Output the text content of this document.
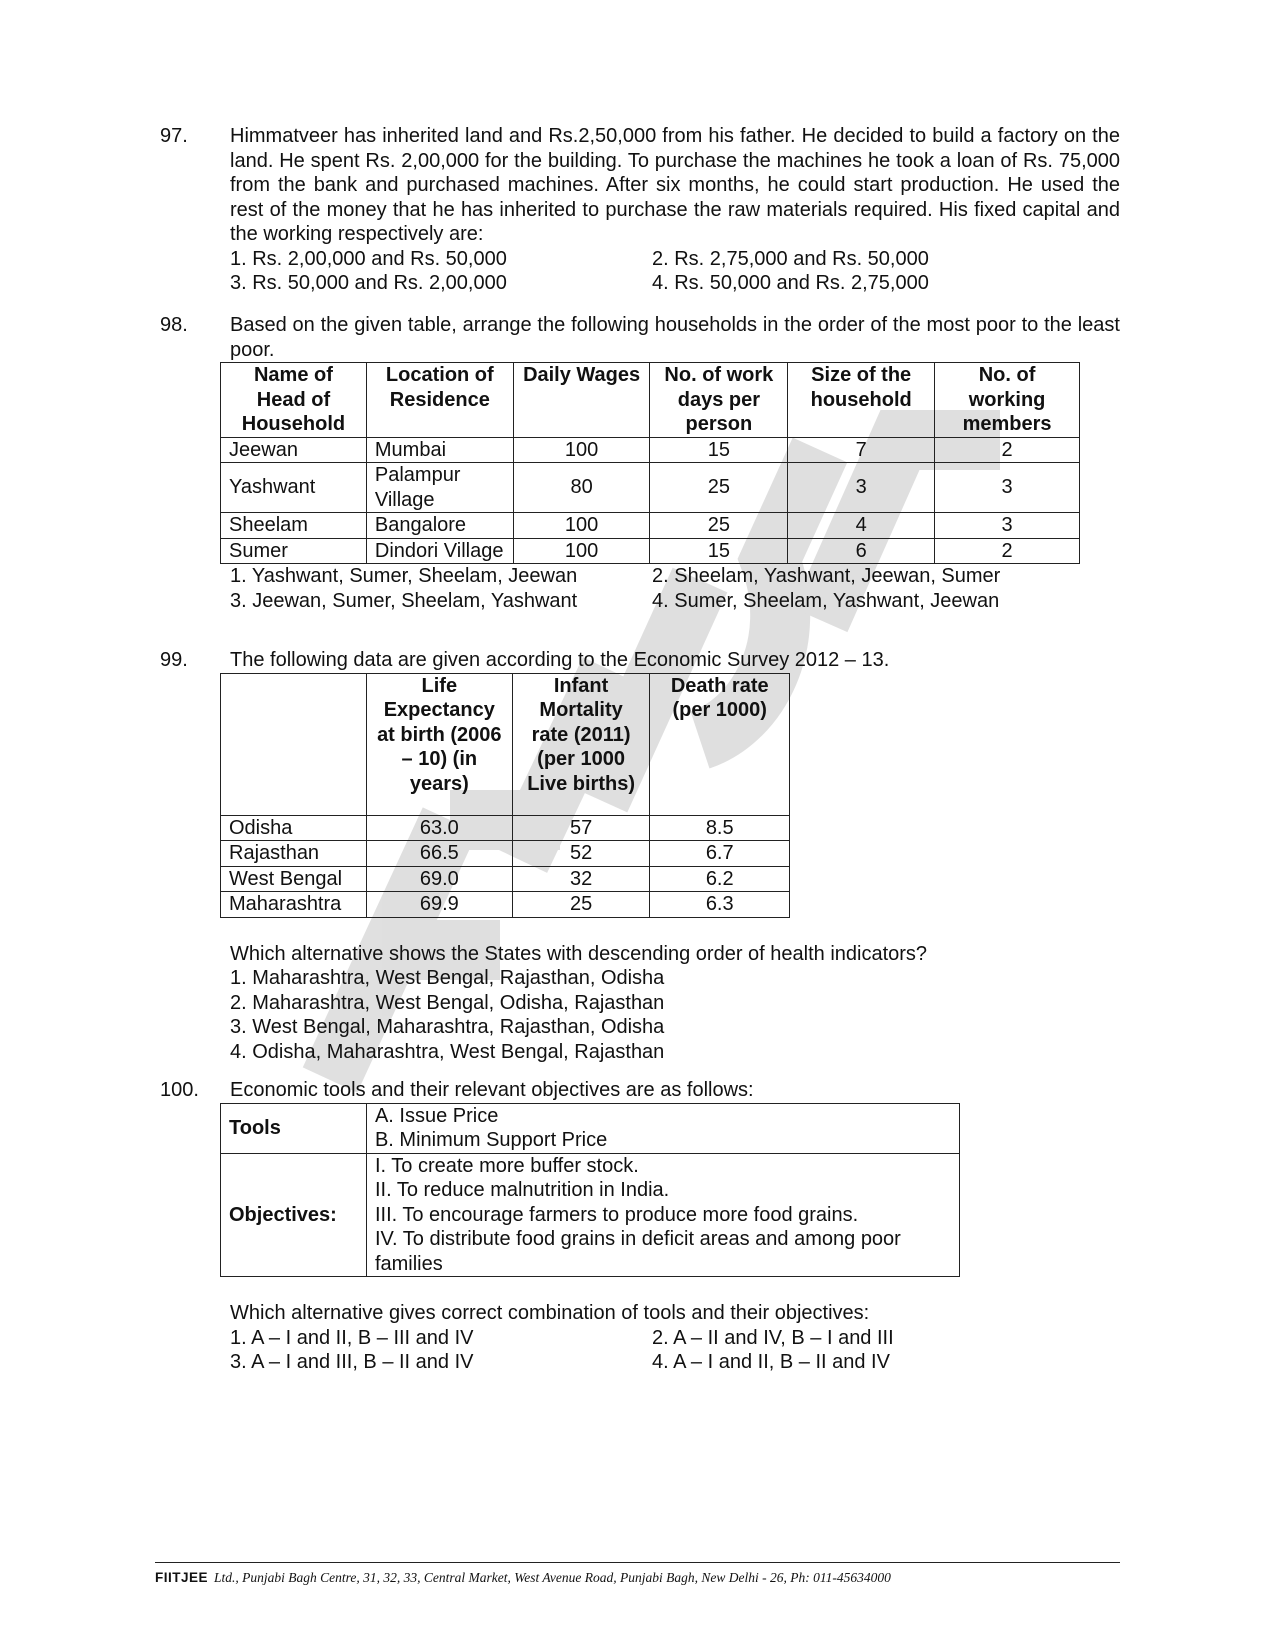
97. Himmatveer has inherited land and Rs.2,50,000 from his father. He decided to build a factory on the land. He spent Rs. 2,00,000 for the building. To purchase the machines he took a loan of Rs. 75,000 from the bank and purchased machines. After six months, he could start production. He used the rest of the money that he has inherited to purchase the raw materials required. His fixed capital and the working respectively are:
1. Rs. 2,00,000 and Rs. 50,000	2. Rs. 2,75,000 and Rs. 50,000
3. Rs. 50,000 and Rs. 2,00,000	4. Rs. 50,000 and Rs. 2,75,000
98. Based on the given table, arrange the following households in the order of the most poor to the least poor.
Name of Head of Household	Location of Residence	Daily Wages	No. of work days per person	Size of the household	No. of working members
Jeewan	Mumbai	100	15	7	2
Yashwant	Palampur Village	80	25	3	3
Sheelam	Bangalore	100	25	4	3
Sumer	Dindori Village	100	15	6	2
1. Yashwant, Sumer, Sheelam, Jeewan	2. Sheelam, Yashwant, Jeewan, Sumer
3. Jeewan, Sumer, Sheelam, Yashwant	4. Sumer, Sheelam, Yashwant, Jeewan
99. The following data are given according to the Economic Survey 2012 – 13.
	Life Expectancy at birth (2006 – 10) (in years)	Infant Mortality rate (2011) (per 1000 Live births)	Death rate (per 1000)
Odisha	63.0	57	8.5
Rajasthan	66.5	52	6.7
West Bengal	69.0	32	6.2
Maharashtra	69.9	25	6.3
Which alternative shows the States with descending order of health indicators?
1. Maharashtra, West Bengal, Rajasthan, Odisha
2. Maharashtra, West Bengal, Odisha, Rajasthan
3. West Bengal, Maharashtra, Rajasthan, Odisha
4. Odisha, Maharashtra, West Bengal, Rajasthan
100. Economic tools and their relevant objectives are as follows:
Tools	A. Issue Price
B. Minimum Support Price

Objectives:	I. To create more buffer stock.
II. To reduce malnutrition in India.
III. To encourage farmers to produce more food grains.
IV. To distribute food grains in deficit areas and among poor families
Which alternative gives correct combination of tools and their objectives:
1. A – I and II, B – III and IV	2. A – II and IV, B – I and III
3. A – I and III, B – II and IV	4. A – I and II, B – II and IV
FIITJEE Ltd., Punjabi Bagh Centre, 31, 32, 33, Central Market, West Avenue Road, Punjabi Bagh, New Delhi - 26, Ph: 011-45634000
